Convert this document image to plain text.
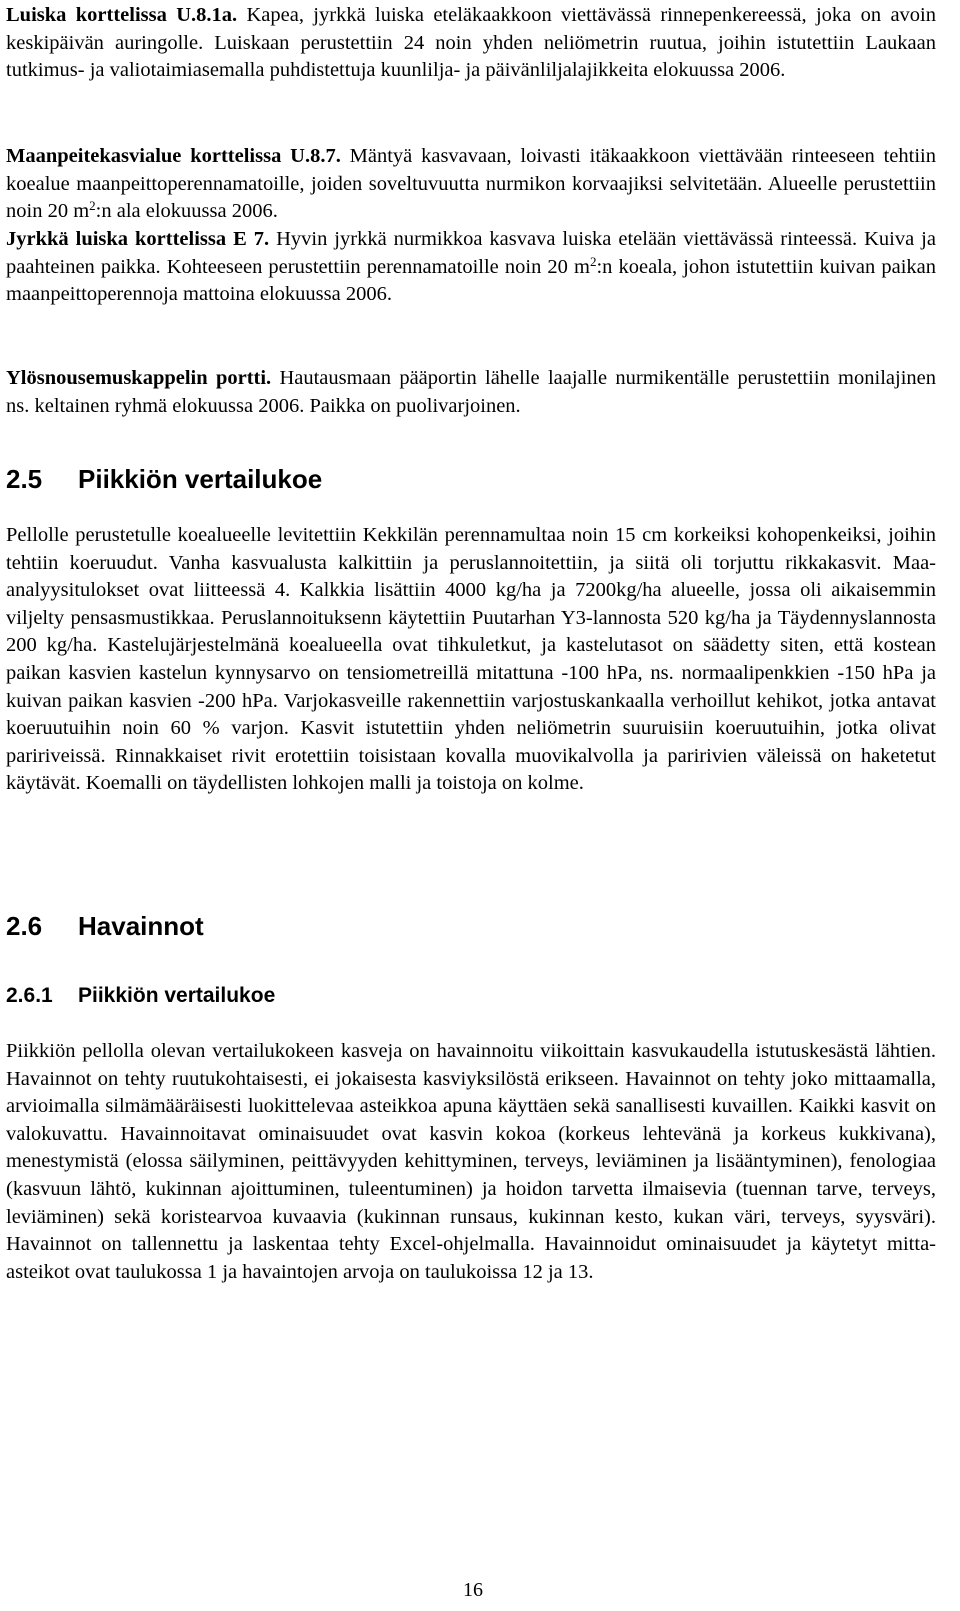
Luiska korttelissa U.8.1a. Kapea, jyrkkä luiska eteläkaakkoon viettävässä rinnepenkereessä, joka on avoin keskipäivän auringolle. Luiskaan perustettiin 24 noin yhden neliömetrin ruutua, joihin istutettiin Laukaan tutkimus- ja valiotaimiasemalla puhdistettuja kuunlilja- ja päivänliljalajikkeita elokuussa 2006.

Maanpeitekasvialue korttelissa U.8.7. Mäntyä kasvavaan, loivasti itäkaakkoon viettävään rinteeseen tehtiin koealue maanpeittoperennamatoille, joiden soveltuvuutta nurmikon korvaajiksi selvitetään. Alueelle perustettiin noin 20 $m^2:n$ ala elokuussa 2006.

Jyrkkä luiska korttelissa E 7. Hyvin jyrkkä nurmikkoa kasvava luiska etelään viettävässä rinteessä. Kuiva ja paahteinen paikka. Kohteeseen perustettiin perennamatoille noin 20 $m^2:n$ koeala, johon istutettiin kuivan paikan maanpeittoperennoja mattoina elokuussa 2006.

Ylösnousemuskappelin portti. Hautausmaan pääportin lähelle laajalle nurmikentälle perustettiin monilajinen ns. keltainen ryhmä elokuussa 2006. Paikka on puolivarjoinen.

2.5 Piikkiön vertailukoe

Pellolle perustetulle koealueelle levitettiin Kekkilän perennamultaa noin 15 cm korkeiksi kohopenkeiksi, joihin tehtiin koeruudut. Vanha kasvualusta kalkittiin ja peruslannoitettiin, ja siitä oli torjuttu rikkakasvit. Maa-analyysitulokset ovat liitteessä 4. Kalkkia lisättiin 4000 kg/ha ja 7200kg/ha alueelle, jossa oli aikaisemmin viljelty pensasmustikkaa. Peruslannoituksenn käytettiin Puutarhan Y3-lannosta 520 kg/ha ja Täydennyslannosta 200 kg/ha. Kastelujärjestelmänä koealueella ovat tihkuletkut, ja kastelutasot on säädetty siten, että kostean paikan kasvien kastelun kynnysarvo on tensiometreillä mitattuna -100 hPa, ns. normaalipenkkien -150 hPa ja kuivan paikan kasvien -200 hPa. Varjokasveille rakennettiin varjostuskankaalla verhoillut kehikot, jotka antavat koeruutuihin noin 60 % varjon. Kasvit istutettiin yhden neliömetrin suuruisiin koeruutuihin, jotka olivat paririveissä. Rinnakkaiset rivit erotettiin toisistaan kovalla muovikalvolla ja paririvien väleissä on haketetut käytävät. Koemalli on täydellisten lohkojen malli ja toistoja on kolme.

2.6 Havainnot
2.6.1 Piikkiön vertailukoe

Piikkiön pellolla olevan vertailukokeen kasveja on havainnoitu viikoittain kasvukaudella istutuskesästä lähtien. Havainnot on tehty ruutukohtaisesti, ei jokaisesta kasviyksilöstä erikseen. Havainnot on tehty joko mittaamalla, arvioimalla silmämääräisesti luokittelevaa asteikkoa apuna käyttäen sekä sanallisesti kuvaillen. Kaikki kasvit on valokuvattu. Havainnoitavat ominaisuudet ovat kasvin kokoa (korkeus lehtevänä ja korkeus kukkivana), menestymistä (elossa säilyminen, peittävyyden kehittyminen, terveys, leviäminen ja lisääntyminen), fenologiaa (kasvuun lähtö, kukinnan ajoittuminen, tuleentuminen) ja hoidon tarvetta ilmaisevia (tuennan tarve, terveys, leviäminen) sekä koristearvoa kuvaavia (kukinnan runsaus, kukinnan kesto, kukan väri, terveys, syysväri). Havainnot on tallennettu ja laskentaa tehty Excel-ohjelmalla. Havainnoidut ominaisuudet ja käytetyt mitta-asteikot ovat taulukossa 1 ja havaintojen arvoja on taulukoissa 12 ja 13.

16
